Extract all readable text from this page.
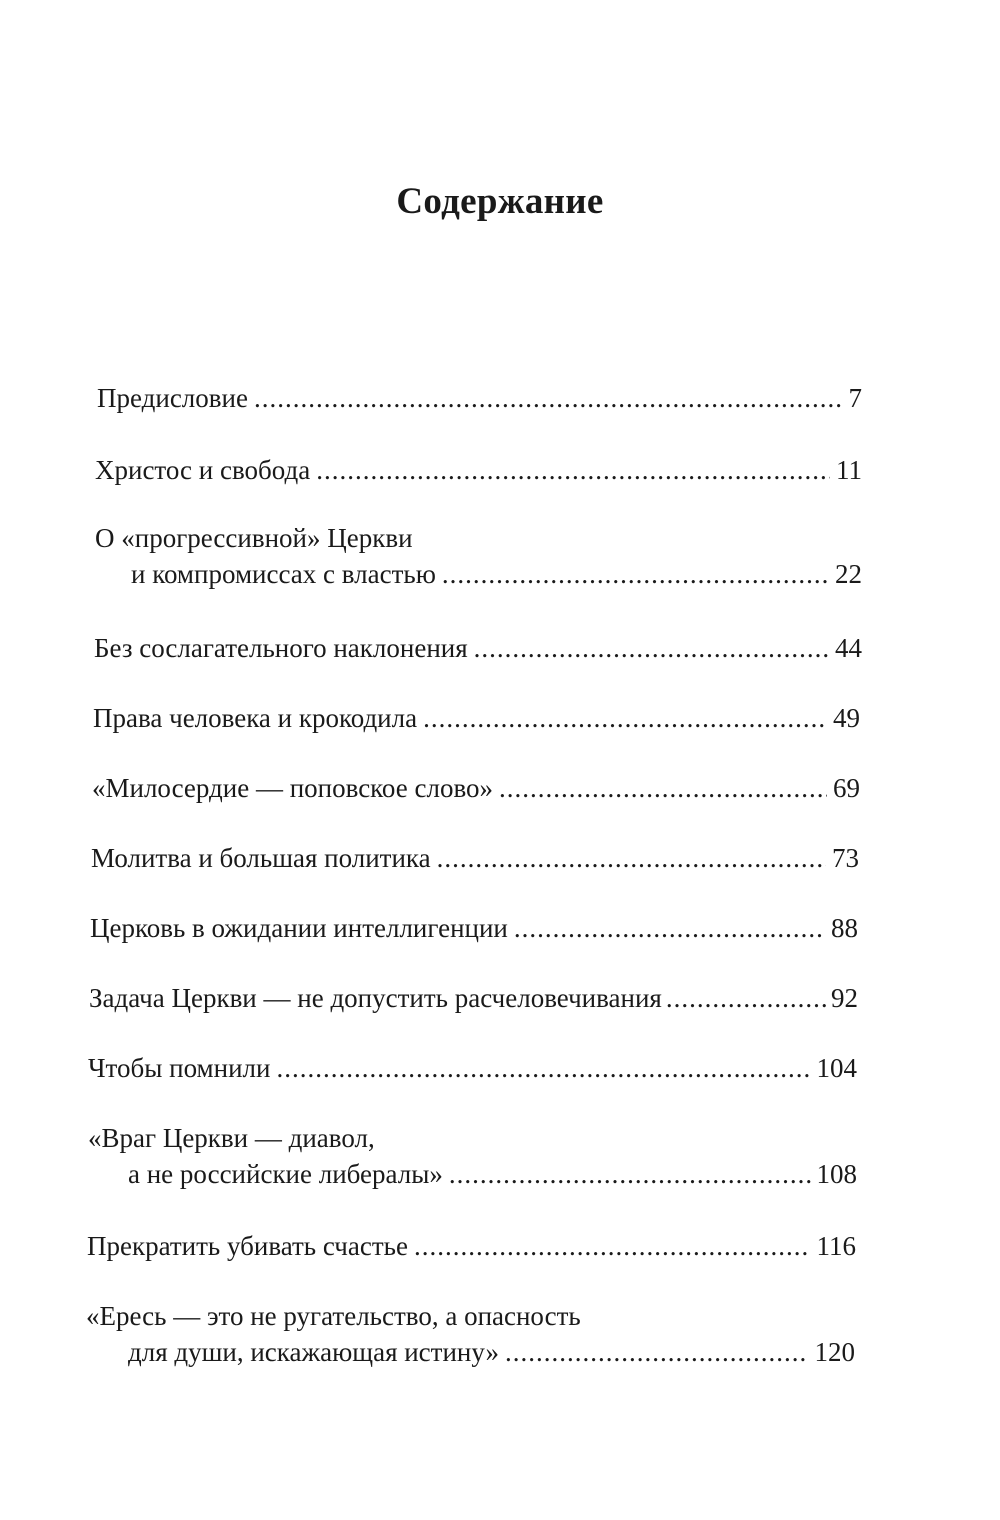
Содержание
Предисловие .....	7
Христос и свобода .....	11
О «прогрессивной» Церкви
и компромиссах с властью .....	22
Без сослагательного наклонения .....	44
Права человека и крокодила .....	49
«Милосердие — поповское слово» .....	69
Молитва и большая политика .....	73
Церковь в ожидании интеллигенции .....	88
Задача Церкви — не допустить расчеловечивания .....	92
Чтобы помнили .....	104
«Враг Церкви — диавол,
а не российские либералы» .....	108
Прекратить убивать счастье .....	116
«Ересь — это не ругательство, а опасность
для души, искажающая истину» .....	120
